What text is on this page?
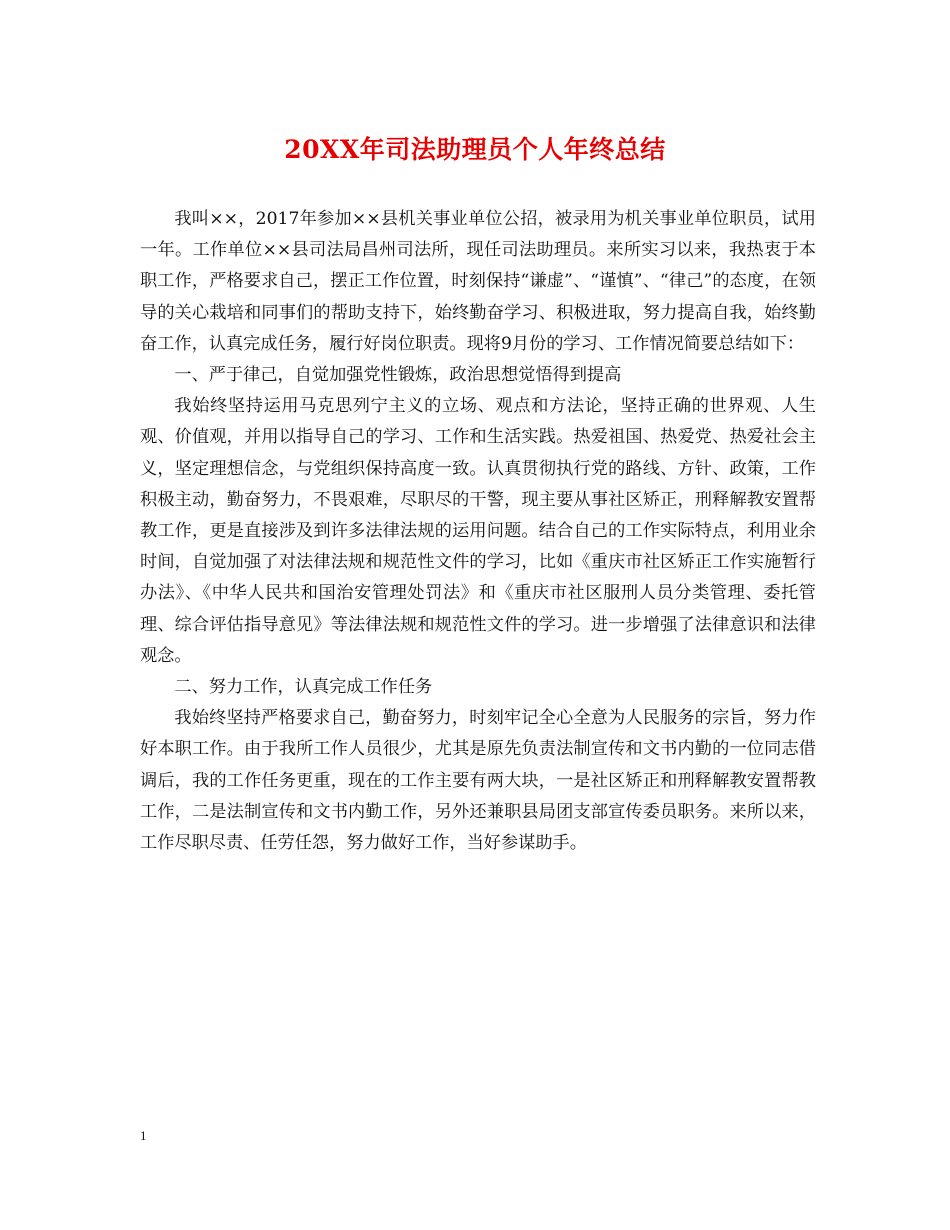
20XX年司法助理员个人年终总结

我叫××，2017年参加××县机关事业单位公招，被录用为机关事业单位职员，试用一年。工作单位××县司法局昌州司法所，现任司法助理员。来所实习以来，我热衷于本职工作，严格要求自己，摆正工作位置，时刻保持“谦虚”、“谨慎”、“律己”的态度，在领导的关心栽培和同事们的帮助支持下，始终勤奋学习、积极进取，努力提高自我，始终勤奋工作，认真完成任务，履行好岗位职责。现将9月份的学习、工作情况简要总结如下：

一、严于律己，自觉加强党性锻炼，政治思想觉悟得到提高

我始终坚持运用马克思列宁主义的立场、观点和方法论，坚持正确的世界观、人生观、价值观，并用以指导自己的学习、工作和生活实践。热爱祖国、热爱党、热爱社会主义，坚定理想信念，与党组织保持高度一致。认真贯彻执行党的路线、方针、政策，工作积极主动，勤奋努力，不畏艰难，尽职尽的干警，现主要从事社区矫正，刑释解教安置帮教工作，更是直接涉及到许多法律法规的运用问题。结合自己的工作实际特点，利用业余时间，自觉加强了对法律法规和规范性文件的学习，比如《重庆市社区矫正工作实施暂行办法》、《中华人民共和国治安管理处罚法》和《重庆市社区服刑人员分类管理、委托管理、综合评估指导意见》等法律法规和规范性文件的学习。进一步增强了法律意识和法律观念。

二、努力工作，认真完成工作任务

我始终坚持严格要求自己，勤奋努力，时刻牢记全心全意为人民服务的宗旨，努力作好本职工作。由于我所工作人员很少，尤其是原先负责法制宣传和文书内勤的一位同志借调后，我的工作任务更重，现在的工作主要有两大块，一是社区矫正和刑释解教安置帮教工作，二是法制宣传和文书内勤工作，另外还兼职县局团支部宣传委员职务。来所以来，工作尽职尽责、任劳任怨，努力做好工作，当好参谋助手。

1
